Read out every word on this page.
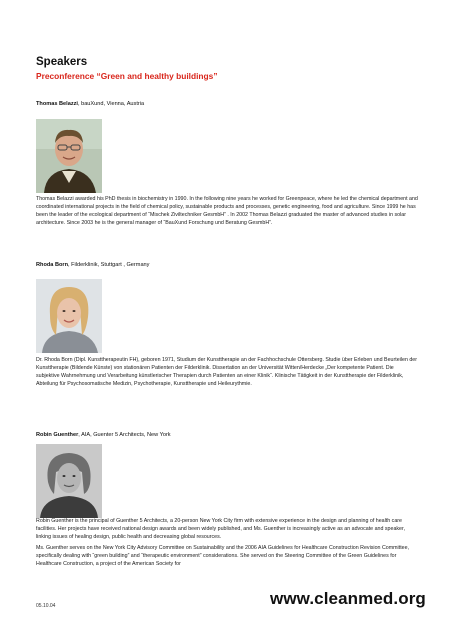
Speakers
Preconference “Green and healthy buildings”
Thomas Belazzi, bauXund, Vienna, Austria

Thomas Belazzi awarded his PhD thesis in biochemistry in 1990. In the following nine years he worked for Greenpeace, where he led the chemical department and coordinated international projects in the field of chemical policy, sustainable products and processes, genetic engineering, food and agriculture. Since 1999 he has been the leader of the ecological department of “Mischek Ziviltechniker GesmbH” . In 2002 Thomas Belazzi graduated the master of advanced studies in solar architecture. Since 2003 he is the general manager of “BauXund Forschung und Beratung GesmbH”.

Rhoda Born, Filderklinik, Stuttgart , Germany

Dr. Rhoda Born (Dipl. Kunsttherapeutin FH), geboren 1971, Studium der Kunsttherapie an der Fachhochschule Ottersberg. Studie über Erleben und Beurteilen der Kunsttherapie (Bildende Künste) von stationären Patienten der Filderklinik. Dissertation an der Universität Witten/Herdecke „Der kompetente Patient. Die subjektive Wahrnehmung und Verarbeitung künstlerischer Therapien durch Patienten an einer Klinik“. Klinische Tätigkeit in der Kunsttherapie der Filderklinik, Abteilung für Psychosomatische Medizin, Psychotherapie, Kunsttherapie und Heileurythmie.

Robin Guenther, AIA, Guenter 5 Architects, New York

Robin Guenther is the principal of Guenther 5 Architects, a 20-person New York City firm with extensive experience in the design and planning of health care facilities. Her projects have received national design awards and been widely published, and Ms. Guenther is increasingly active as an advocate and speaker, linking issues of healing design, public health and decreasing global resources.

Ms. Guenther serves on the New York City Advisory Committee on Sustainability and the 2006 AIA Guidelines for Healthcare Construction Revision Committee, specifically dealing with “green building” and “therapeutic environment” considerations. She served on the Steering Committee of the Green Guidelines for Healthcare Construction, a project of the American Society for

05.10.04	www.cleanmed.org
